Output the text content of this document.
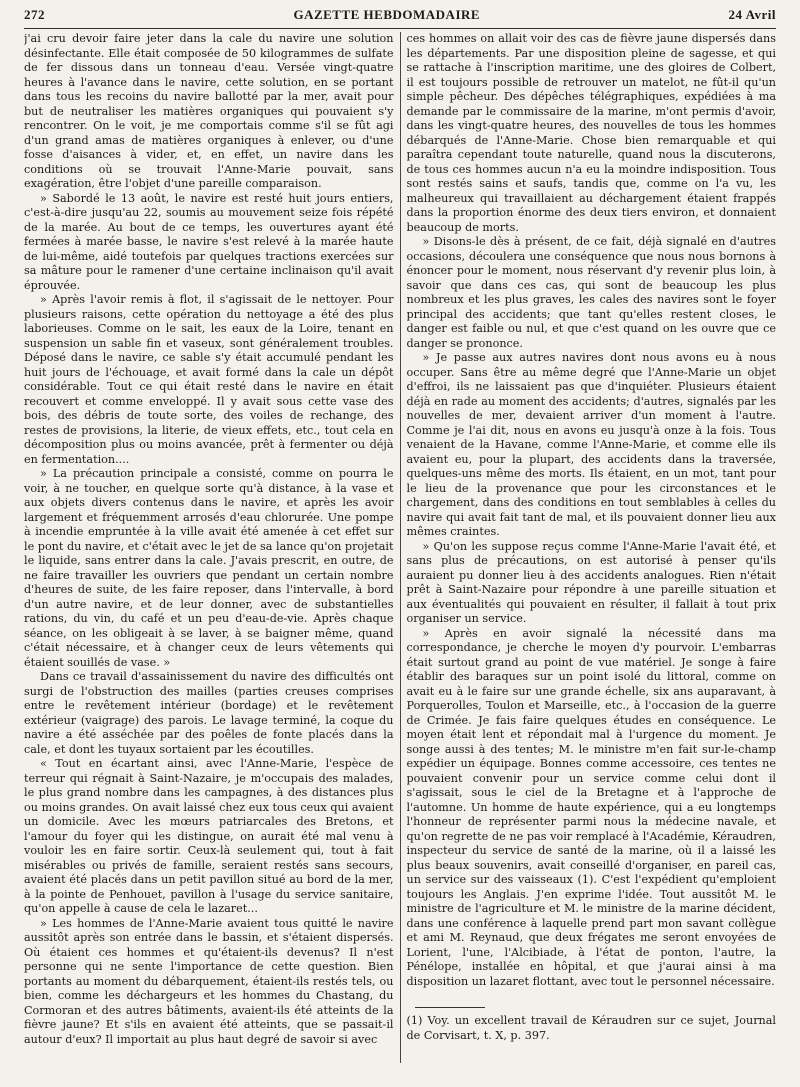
272	GAZETTE HEBDOMADAIRE	24 Avril

j'ai cru devoir faire jeter dans la cale du navire une solution désinfectante. Elle était composée de 50 kilogrammes de sulfate de fer dissous dans un tonneau d'eau. Versée vingt-quatre heures à l'avance dans le navire, cette solution, en se portant dans tous les recoins du navire ballotté par la mer, avait pour but de neutraliser les matières organiques qui pouvaient s'y rencontrer. On le voit, je me comportais comme s'il se fût agi d'un grand amas de matières organiques à enlever, ou d'une fosse d'aisances à vider, et, en effet, un navire dans les conditions où se trouvait l'Anne-Marie pouvait, sans exagération, être l'objet d'une pareille comparaison.

» Sabordé le 13 août, le navire est resté huit jours entiers, c'est-à-dire jusqu'au 22, soumis au mouvement seize fois répété de la marée. Au bout de ce temps, les ouvertures ayant été fermées à marée basse, le navire s'est relevé à la marée haute de lui-même, aidé toutefois par quelques tractions exercées sur sa mâture pour le ramener d'une certaine inclinaison qu'il avait éprouvée.

» Après l'avoir remis à flot, il s'agissait de le nettoyer. Pour plusieurs raisons, cette opération du nettoyage a été des plus laborieuses. Comme on le sait, les eaux de la Loire, tenant en suspension un sable fin et vaseux, sont généralement troubles. Déposé dans le navire, ce sable s'y était accumulé pendant les huit jours de l'échouage, et avait formé dans la cale un dépôt considérable. Tout ce qui était resté dans le navire en était recouvert et comme enveloppé. Il y avait sous cette vase des bois, des débris de toute sorte, des voiles de rechange, des restes de provisions, la literie, de vieux effets, etc., tout cela en décomposition plus ou moins avancée, prêt à fermenter ou déjà en fermentation....

» La précaution principale a consisté, comme on pourra le voir, à ne toucher, en quelque sorte qu'à distance, à la vase et aux objets divers contenus dans le navire, et après les avoir largement et fréquemment arrosés d'eau chlorurée. Une pompe à incendie empruntée à la ville avait été amenée à cet effet sur le pont du navire, et c'était avec le jet de sa lance qu'on projetait le liquide, sans entrer dans la cale. J'avais prescrit, en outre, de ne faire travailler les ouvriers que pendant un certain nombre d'heures de suite, de les faire reposer, dans l'intervalle, à bord d'un autre navire, et de leur donner, avec de substantielles rations, du vin, du café et un peu d'eau-de-vie. Après chaque séance, on les obligeait à se laver, à se baigner même, quand c'était nécessaire, et à changer ceux de leurs vêtements qui étaient souillés de vase. »

Dans ce travail d'assainissement du navire des difficultés ont surgi de l'obstruction des mailles (parties creuses comprises entre le revêtement intérieur (bordage) et le revêtement extérieur (vaigrage) des parois. Le lavage terminé, la coque du navire a été asséchée par des poêles de fonte placés dans la cale, et dont les tuyaux sortaient par les écoutilles.

« Tout en écartant ainsi, avec l'Anne-Marie, l'espèce de terreur qui régnait à Saint-Nazaire, je m'occupais des malades, le plus grand nombre dans les campagnes, à des distances plus ou moins grandes. On avait laissé chez eux tous ceux qui avaient un domicile. Avec les mœurs patriarcales des Bretons, et l'amour du foyer qui les distingue, on aurait été mal venu à vouloir les en faire sortir. Ceux-là seulement qui, tout à fait misérables ou privés de famille, seraient restés sans secours, avaient été placés dans un petit pavillon situé au bord de la mer, à la pointe de Penhouet, pavillon à l'usage du service sanitaire, qu'on appelle à cause de cela le lazaret...

» Les hommes de l'Anne-Marie avaient tous quitté le navire aussitôt après son entrée dans le bassin, et s'étaient dispersés. Où étaient ces hommes et qu'étaient-ils devenus? Il n'est personne qui ne sente l'importance de cette question. Bien portants au moment du débarquement, étaient-ils restés tels, ou bien, comme les déchargeurs et les hommes du Chastang, du Cormoran et des autres bâtiments, avaient-ils été atteints de la fièvre jaune? Et s'ils en avaient été atteints, que se passait-il autour d'eux? Il importait au plus haut degré de savoir si avec

ces hommes on allait voir des cas de fièvre jaune dispersés dans les départements. Par une disposition pleine de sagesse, et qui se rattache à l'inscription maritime, une des gloires de Colbert, il est toujours possible de retrouver un matelot, ne fût-il qu'un simple pêcheur. Des dépêches télégraphiques, expédiées à ma demande par le commissaire de la marine, m'ont permis d'avoir, dans les vingt-quatre heures, des nouvelles de tous les hommes débarqués de l'Anne-Marie. Chose bien remarquable et qui paraîtra cependant toute naturelle, quand nous la discuterons, de tous ces hommes aucun n'a eu la moindre indisposition. Tous sont restés sains et saufs, tandis que, comme on l'a vu, les malheureux qui travaillaient au déchargement étaient frappés dans la proportion énorme des deux tiers environ, et donnaient beaucoup de morts.

» Disons-le dès à présent, de ce fait, déjà signalé en d'autres occasions, découlera une conséquence que nous nous bornons à énoncer pour le moment, nous réservant d'y revenir plus loin, à savoir que dans ces cas, qui sont de beaucoup les plus nombreux et les plus graves, les cales des navires sont le foyer principal des accidents; que tant qu'elles restent closes, le danger est faible ou nul, et que c'est quand on les ouvre que ce danger se prononce.

» Je passe aux autres navires dont nous avons eu à nous occuper. Sans être au même degré que l'Anne-Marie un objet d'effroi, ils ne laissaient pas que d'inquiéter. Plusieurs étaient déjà en rade au moment des accidents; d'autres, signalés par les nouvelles de mer, devaient arriver d'un moment à l'autre. Comme je l'ai dit, nous en avons eu jusqu'à onze à la fois. Tous venaient de la Havane, comme l'Anne-Marie, et comme elle ils avaient eu, pour la plupart, des accidents dans la traversée, quelques-uns même des morts. Ils étaient, en un mot, tant pour le lieu de la provenance que pour les circonstances et le chargement, dans des conditions en tout semblables à celles du navire qui avait fait tant de mal, et ils pouvaient donner lieu aux mêmes craintes.

» Qu'on les suppose reçus comme l'Anne-Marie l'avait été, et sans plus de précautions, on est autorisé à penser qu'ils auraient pu donner lieu à des accidents analogues. Rien n'était prêt à Saint-Nazaire pour répondre à une pareille situation et aux éventualités qui pouvaient en résulter, il fallait à tout prix organiser un service.

» Après en avoir signalé la nécessité dans ma correspondance, je cherche le moyen d'y pourvoir. L'embarras était surtout grand au point de vue matériel. Je songe à faire établir des baraques sur un point isolé du littoral, comme on avait eu à le faire sur une grande échelle, six ans auparavant, à Porquerolles, Toulon et Marseille, etc., à l'occasion de la guerre de Crimée. Je fais faire quelques études en conséquence. Le moyen était lent et répondait mal à l'urgence du moment. Je songe aussi à des tentes; M. le ministre m'en fait sur-le-champ expédier un équipage. Bonnes comme accessoire, ces tentes ne pouvaient convenir pour un service comme celui dont il s'agissait, sous le ciel de la Bretagne et à l'approche de l'automne. Un homme de haute expérience, qui a eu longtemps l'honneur de représenter parmi nous la médecine navale, et qu'on regrette de ne pas voir remplacé à l'Académie, Kéraudren, inspecteur du service de santé de la marine, où il a laissé les plus beaux souvenirs, avait conseillé d'organiser, en pareil cas, un service sur des vaisseaux (1). C'est l'expédient qu'emploient toujours les Anglais. J'en exprime l'idée. Tout aussitôt M. le ministre de l'agriculture et M. le ministre de la marine décident, dans une conférence à laquelle prend part mon savant collègue et ami M. Reynaud, que deux frégates me seront envoyées de Lorient, l'une, l'Alcibiade, à l'état de ponton, l'autre, la Pénélope, installée en hôpital, et que j'aurai ainsi à ma disposition un lazaret flottant, avec tout le personnel nécessaire.

(1) Voy. un excellent travail de Kéraudren sur ce sujet, Journal de Corvisart, t. X, p. 397.
